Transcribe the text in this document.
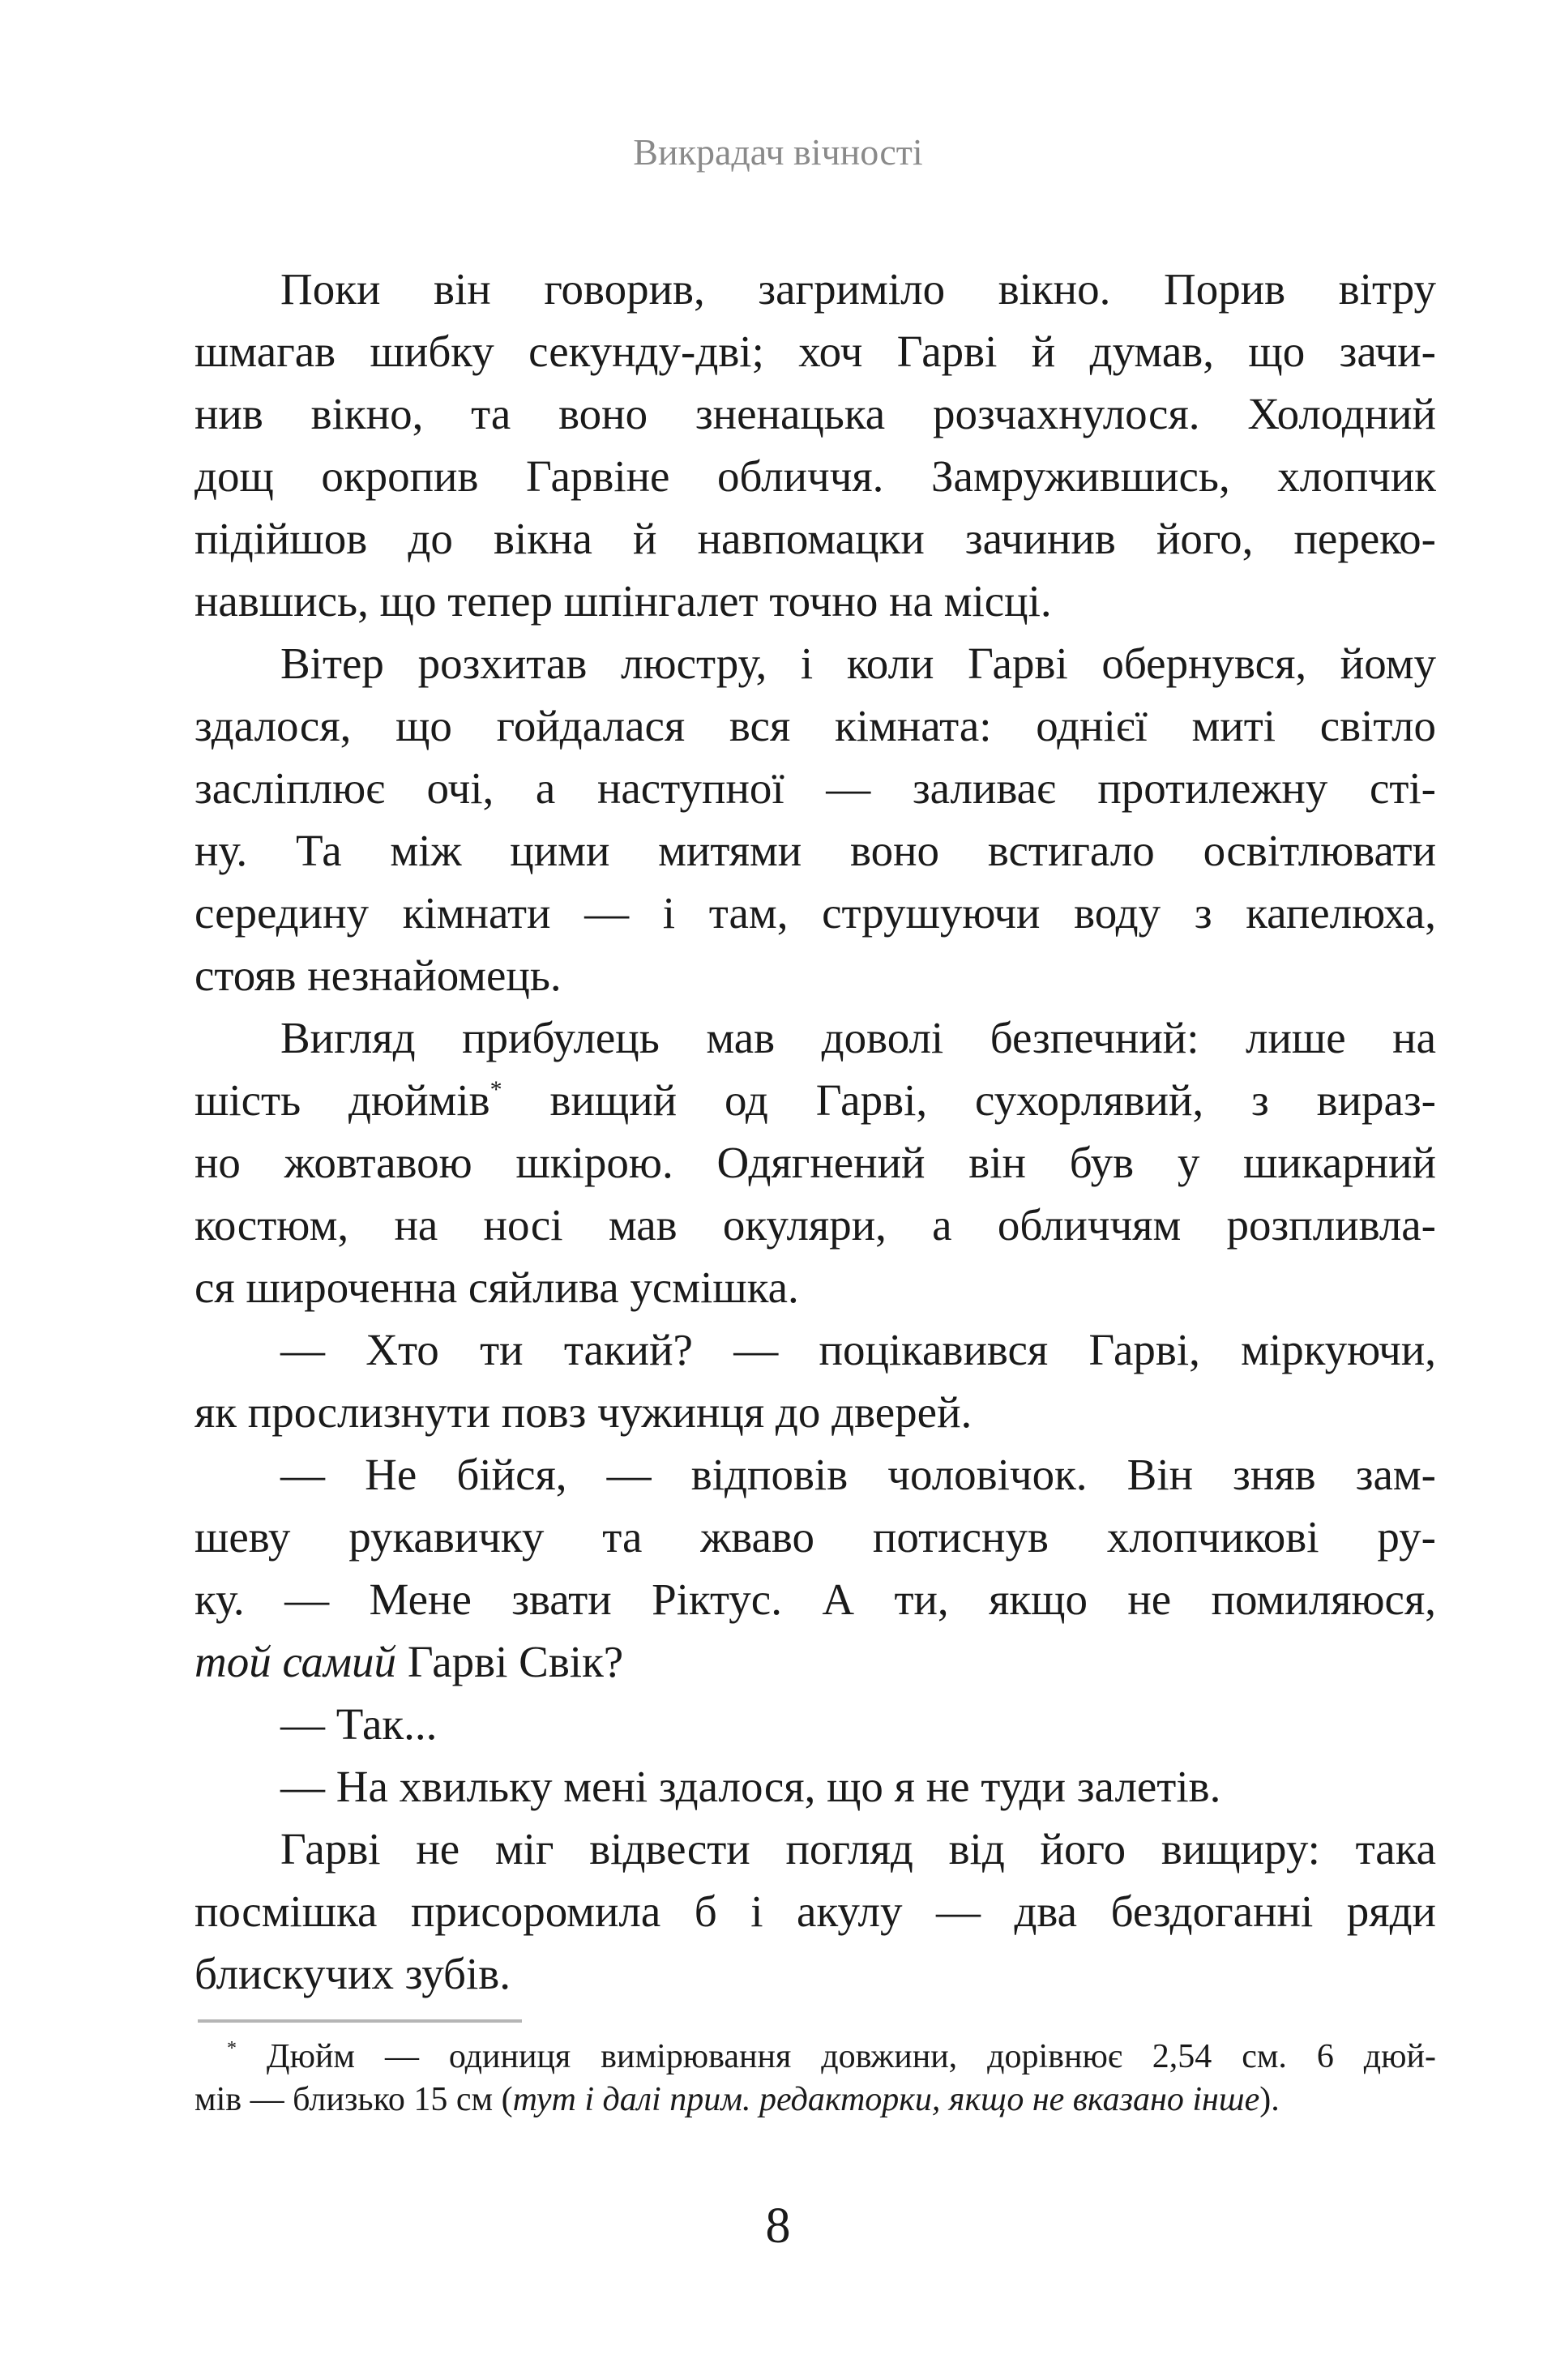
Викрадач вічності
Поки він говорив, загриміло вікно. Порив вітру
шмагав шибку секунду-дві; хоч Гарві й думав, що зачи-
нив вікно, та воно зненацька розчахнулося. Холодний
дощ окропив Гарвіне обличчя. Замружившись, хлопчик
підійшов до вікна й навпомацки зачинив його, переко-
навшись, що тепер шпінгалет точно на місці.
Вітер розхитав люстру, і коли Гарві обернувся, йому
здалося, що гойдалася вся кімната: однієї миті світло
засліплює очі, а наступної — заливає протилежну сті-
ну. Та між цими митями воно встигало освітлювати
середину кімнати — і там, струшуючи воду з капелюха,
стояв незнайомець.
Вигляд прибулець мав доволі безпечний: лише на
шість дюймів* вищий од Гарві, сухорлявий, з вираз-
но жовтавою шкірою. Одягнений він був у шикарний
костюм, на носі мав окуляри, а обличчям розпливла-
ся широченна сяйлива усмішка.
— Хто ти такий? — поцікавився Гарві, міркуючи,
як прослизнути повз чужинця до дверей.
— Не бійся, — відповів чоловічок. Він зняв зам-
шеву рукавичку та жваво потиснув хлопчикові ру-
ку. — Мене звати Ріктус. А ти, якщо не помиляюся,
той самий Гарві Свік?
— Так...
— На хвильку мені здалося, що я не туди залетів.
Гарві не міг відвести погляд від його вищиру: така
посмішка присоромила б і акулу — два бездоганні ряди
блискучих зубів.
* Дюйм — одиниця вимірювання довжини, дорівнює 2,54 см. 6 дюй-
мів — близько 15 см (тут і далі прим. редакторки, якщо не вказано інше).
8
